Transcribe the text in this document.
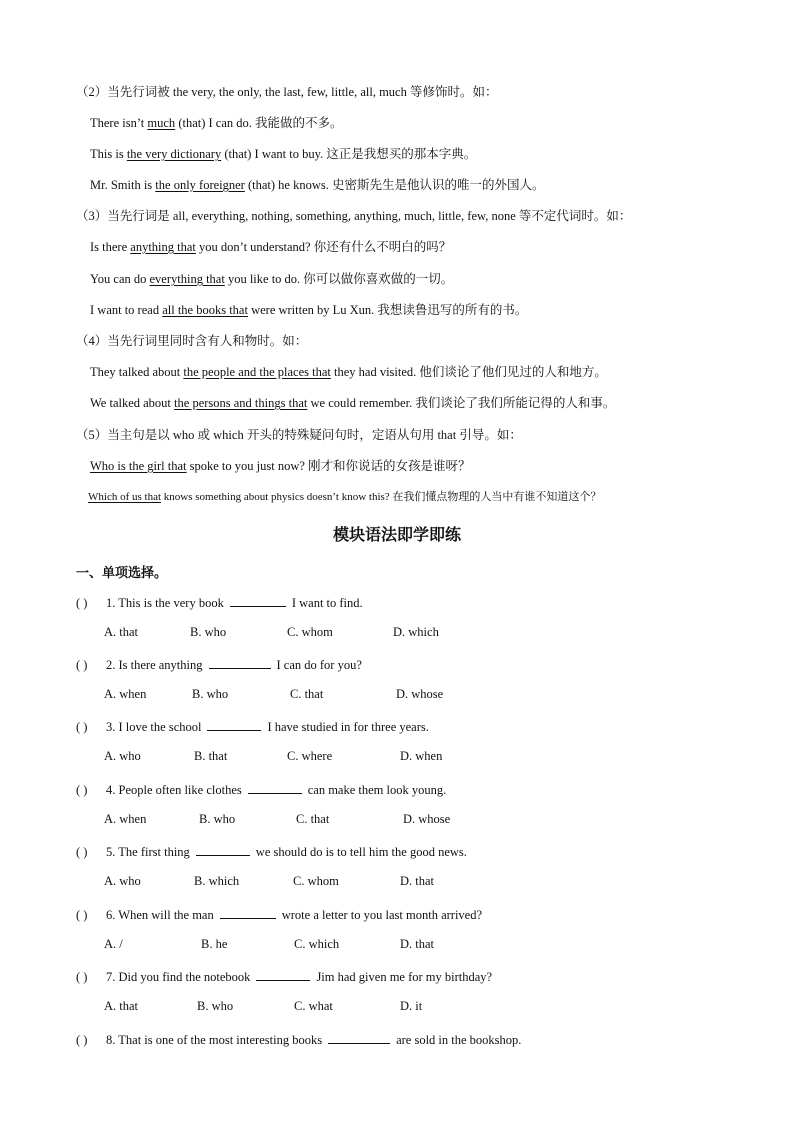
（2）当先行词被 the very, the only, the last, few, little, all, much 等修饰时。如：
There isn’t much (that) I can do. 我能做的不多。
This is the very dictionary (that) I want to buy. 这正是我想买的那本字典。
Mr. Smith is the only foreigner (that) he knows. 史密斯先生是他认识的唯一的外国人。
（3）当先行词是 all, everything, nothing, something, anything, much, little, few, none 等不定代词时。如：
Is there anything that you don’t understand? 你还有什么不明白的吗？
You can do everything that you like to do. 你可以做你喜欢做的一切。
I want to read all the books that were written by Lu Xun. 我想读鲁迅写的所有的书。
（4）当先行词里同时含有人和物时。如：
They talked about the people and the places that they had visited. 他们谈论了他们见过的人和地方。
We talked about the persons and things that we could remember. 我们谈论了我们所能记得的人和事。
（5）当主句是以 who 或 which 开头的特殊疑问句时，定语从句用 that 引导。如：
Who is the girl that spoke to you just now? 刚才和你说话的女孩是谁呀？
Which of us that knows something about physics doesn’t know this? 在我们懂点物理的人当中有谁不知道这个？
模块语法即学即练
一、单项选择。
( ) 1. This is the very book	I want to find.
A. that	B. who	C. whom	D. which
( ) 2. Is there anything	I can do for you?
A. when	B. who	C. that	D. whose
( ) 3. I love the school	I have studied in for three years.
A. who	B. that	C. where	D. when
( ) 4. People often like clothes	can make them look young.
A. when	B. who	C. that	D. whose
( ) 5. The first thing	we should do is to tell him the good news.
A. who	B. which	C. whom	D. that
( ) 6. When will the man	wrote a letter to you last month arrived?
A. /	B. he	C. which	D. that
( ) 7. Did you find the notebook	Jim had given me for my birthday?
A. that	B. who	C. what	D. it
( ) 8. That is one of the most interesting books	are sold in the bookshop.
